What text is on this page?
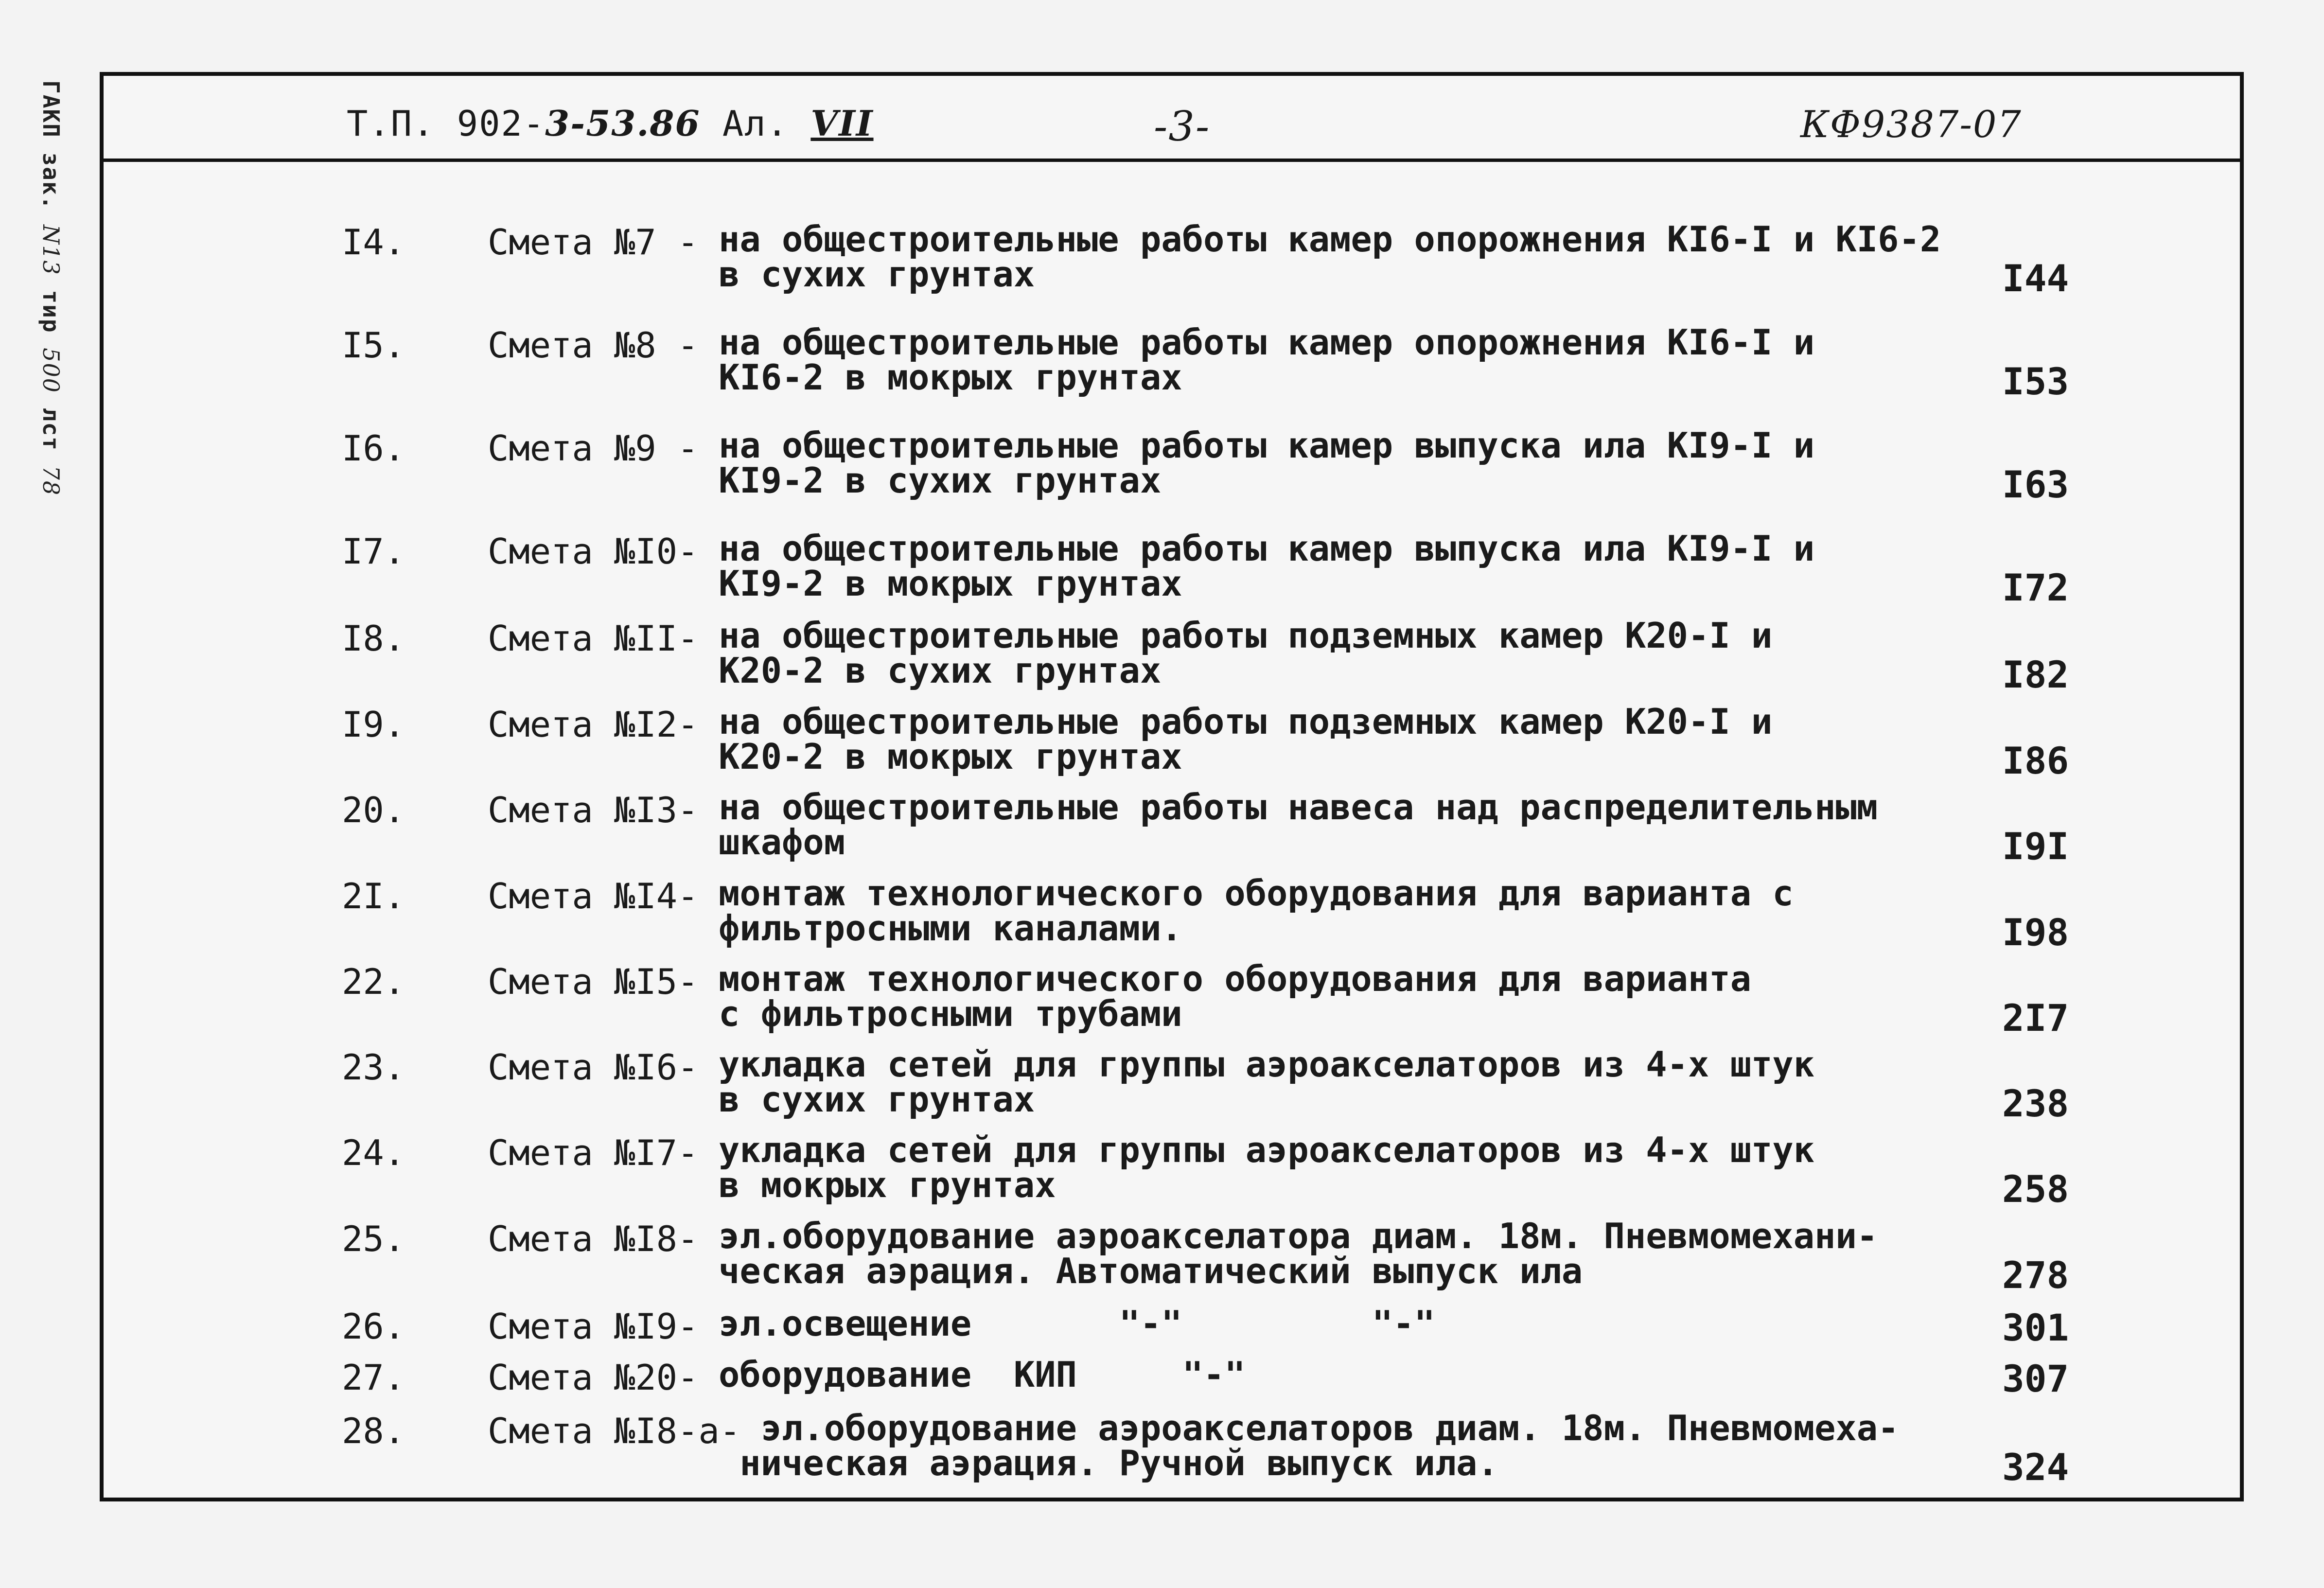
ГАКП зак. N13 тир 500 лст 78
Т.П. 902-3-53.86 Ал. VII	-3-	КФ9387-07
I4. Смета №7 - на общестроительные работы камер опорожнения КI6-I и КI6-2
в сухих грунтах	I44
I5. Смета №8 - на общестроительные работы камер опорожнения КI6-I и
КI6-2 в мокрых грунтах	I53
I6. Смета №9 - на общестроительные работы камер выпуска ила КI9-I и
КI9-2 в сухих грунтах	I63
I7. Смета №I0- на общестроительные работы камер выпуска ила КI9-I и
КI9-2 в мокрых грунтах	I72
I8. Смета №II- на общестроительные работы подземных камер К20-I и
К20-2 в сухих грунтах	I82
I9. Смета №I2- на общестроительные работы подземных камер К20-I и
К20-2 в мокрых грунтах	I86
20. Смета №I3- на общестроительные работы навеса над распределительным
шкафом	I9I
2I. Смета №I4- монтаж технологического оборудования для варианта с
фильтросными каналами.	I98
22. Смета №I5- монтаж технологического оборудования для варианта
с фильтросными трубами	2I7
23. Смета №I6- укладка сетей для группы аэроакселаторов из 4-х штук
в сухих грунтах	238
24. Смета №I7- укладка сетей для группы аэроакселаторов из 4-х штук
в мокрых грунтах	258
25. Смета №I8- эл.оборудование аэроакселатора диам. 18м. Пневмомехани-
ческая аэрация. Автоматический выпуск ила	278
26. Смета №I9- эл.освещение       "-"         "-"	301
27. Смета №20- оборудование  КИП     "-"	307
28. Смета №I8-а-
эл.оборудование аэроакселаторов диам. 18м. Пневмомеха-
ническая аэрация. Ручной выпуск ила.	324
